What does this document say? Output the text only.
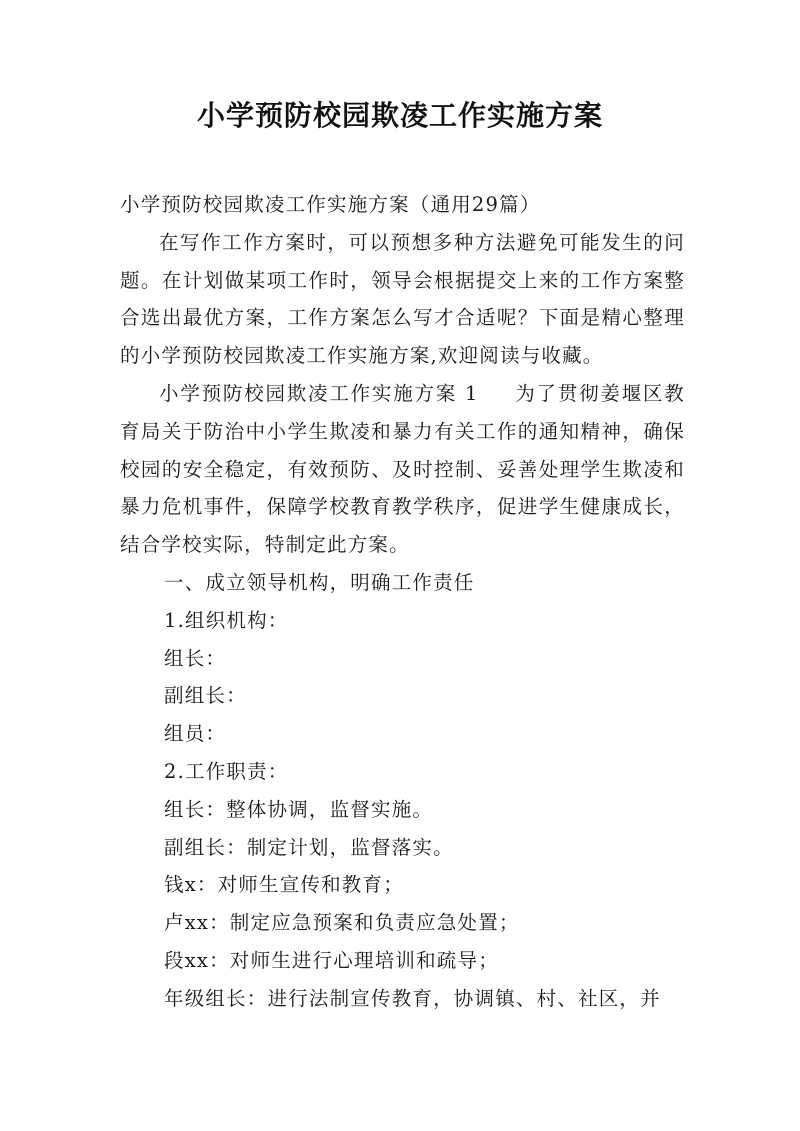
小学预防校园欺凌工作实施方案
小学预防校园欺凌工作实施方案（通用29篇）
在写作工作方案时，可以预想多种方法避免可能发生的问题。在计划做某项工作时，领导会根据提交上来的工作方案整合选出最优方案，工作方案怎么写才合适呢？下面是精心整理的小学预防校园欺凌工作实施方案,欢迎阅读与收藏。
小学预防校园欺凌工作实施方案 1 为了贯彻姜堰区教育局关于防治中小学生欺凌和暴力有关工作的通知精神，确保校园的安全稳定，有效预防、及时控制、妥善处理学生欺凌和暴力危机事件，保障学校教育教学秩序，促进学生健康成长，结合学校实际，特制定此方案。
一、成立领导机构，明确工作责任
1.组织机构：
组长：
副组长：
组员：
2.工作职责：
组长：整体协调，监督实施。
副组长：制定计划，监督落实。
钱x：对师生宣传和教育；
卢xx：制定应急预案和负责应急处置；
段xx：对师生进行心理培训和疏导；
年级组长：进行法制宣传教育，协调镇、村、社区，并
